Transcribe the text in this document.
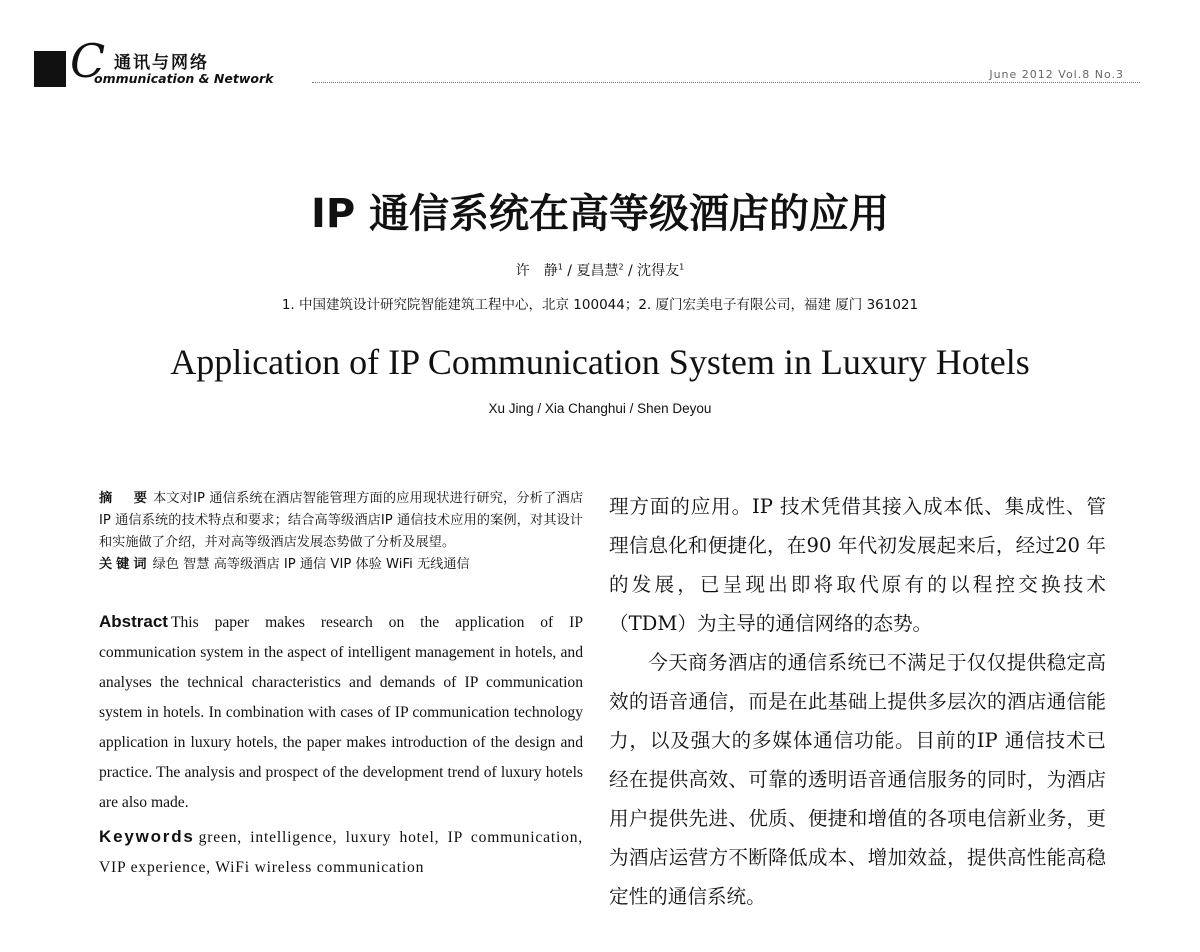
C 通讯与网络
ommunication & Network	June 2012 Vol.8 No.3
IP 通信系统在高等级酒店的应用
许　静$^1$ / 夏昌慧$^2$ / 沈得友$^1$
1. 中国建筑设计研究院智能建筑工程中心，北京 100044；2. 厦门宏美电子有限公司，福建 厦门 361021
Application of IP Communication System in Luxury Hotels
Xu Jing / Xia Changhui / Shen Deyou

摘　要 本文对IP 通信系统在酒店智能管理方面的应用现状进行研究，分析了酒店IP 通信系统的技术特点和要求；结合高等级酒店IP 通信技术应用的案例，对其设计和实施做了介绍，并对高等级酒店发展态势做了分析及展望。

关键词 绿色 智慧 高等级酒店 IP 通信 VIP 体验 WiFi 无线通信

Abstract This paper makes research on the application of IP communication system in the aspect of intelligent management in hotels, and analyses the technical characteristics and demands of IP communication system in hotels. In combination with cases of IP communication technology application in luxury hotels, the paper makes introduction of the design and practice. The analysis and prospect of the development trend of luxury hotels are also made.

Keywords green, intelligence, luxury hotel, IP communication, VIP experience, WiFi wireless communication

理方面的应用。IP 技术凭借其接入成本低、集成性、管理信息化和便捷化，在90 年代初发展起来后，经过20 年的发展，已呈现出即将取代原有的以程控交换技术（TDM）为主导的通信网络的态势。

今天商务酒店的通信系统已不满足于仅仅提供稳定高效的语音通信，而是在此基础上提供多层次的酒店通信能力，以及强大的多媒体通信功能。目前的IP 通信技术已经在提供高效、可靠的透明语音通信服务的同时，为酒店用户提供先进、优质、便捷和增值的各项电信新业务，更为酒店运营方不断降低成本、增加效益，提供高性能高稳定性的通信系统。
